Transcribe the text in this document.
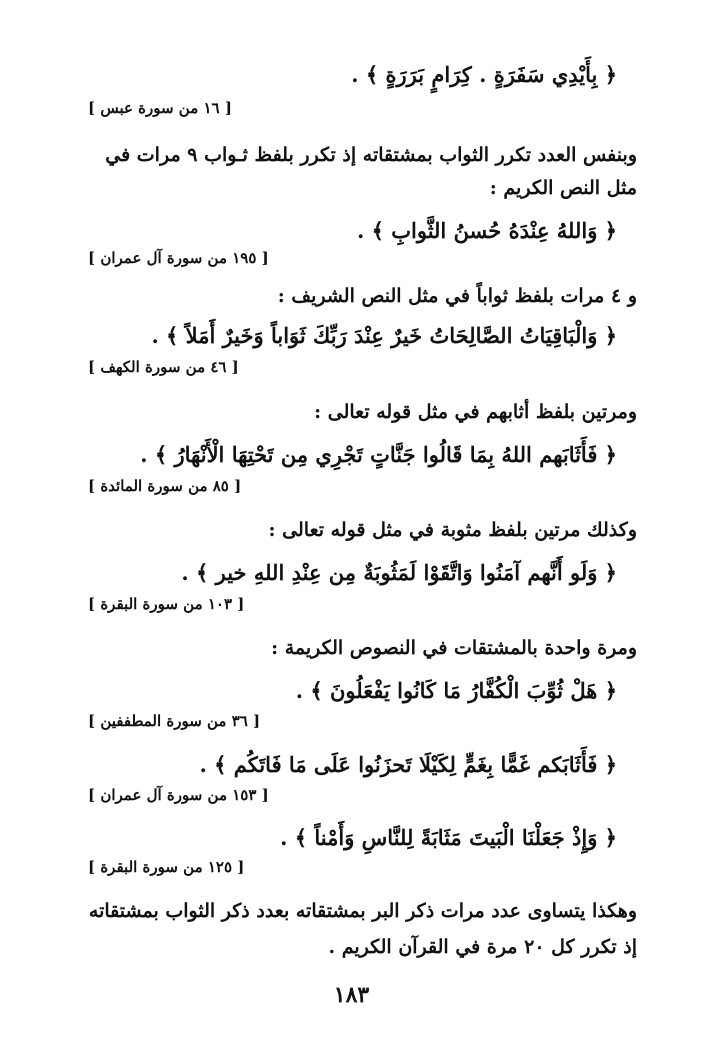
﴿ بِأَيْدِي سَفَرَةٍ . كِرَامٍ بَرَرَةٍ ﴾ .
[ ١٦ من سورة عبس ]
وبنفس العدد تكرر الثواب بمشتقاته إذ تكرر بلفظ ثـواب ٩ مرات في
مثل النص الكريم :
﴿ وَاللهُ عِنْدَهُ حُسنُ الثَّوابِ ﴾ .
[ ١٩٥ من سورة آل عمران ]
و ٤ مرات بلفظ ثواباً في مثل النص الشريف :
﴿ وَالْبَاقِيَاتُ الصَّالِحَاتُ خَيرٌ عِنْدَ رَبِّكَ ثَوَاباً وَخَيرٌ أَمَلاً ﴾ .
[ ٤٦ من سورة الكهف ]
ومرتين بلفظ أثابهم في مثل قوله تعالى :
﴿ فَأَثَابَهم اللهُ بِمَا قَالُوا جَنَّاتٍ تَجْرِي مِن تَحْتِهَا الْأَنْهَارُ ﴾ .
[ ٨٥ من سورة المائدة ]
وكذلك مرتين بلفظ مثوبة في مثل قوله تعالى :
﴿ وَلَو أَنَّهم آمَنُوا وَاتَّقَوْا لَمَثُوبَةٌ مِن عِنْدِ اللهِ خير ﴾ .
[ ١٠٣ من سورة البقرة ]
ومرة واحدة بالمشتقات في النصوص الكريمة :
﴿ هَلْ ثُوِّبَ الْكُفَّارُ مَا كَانُوا يَفْعَلُونَ ﴾ .
[ ٣٦ من سورة المطففين ]
﴿ فَأَثَابَكم غَمًّا بِغَمٍّ لِكَيْلَا تَحزَنُوا عَلَى مَا فَاتَكُم ﴾ .
[ ١٥٣ من سورة آل عمران ]
﴿ وَإِذْ جَعَلْنَا الْبَيتَ مَثَابَةً لِلنَّاسِ وَأَمْناً ﴾ .
[ ١٢٥ من سورة البقرة ]
وهكذا يتساوى عدد مرات ذكر البر بمشتقاته بعدد ذكر الثواب بمشتقاته
إذ تكرر كل ٢٠ مرة في القرآن الكريم .
١٨٣
